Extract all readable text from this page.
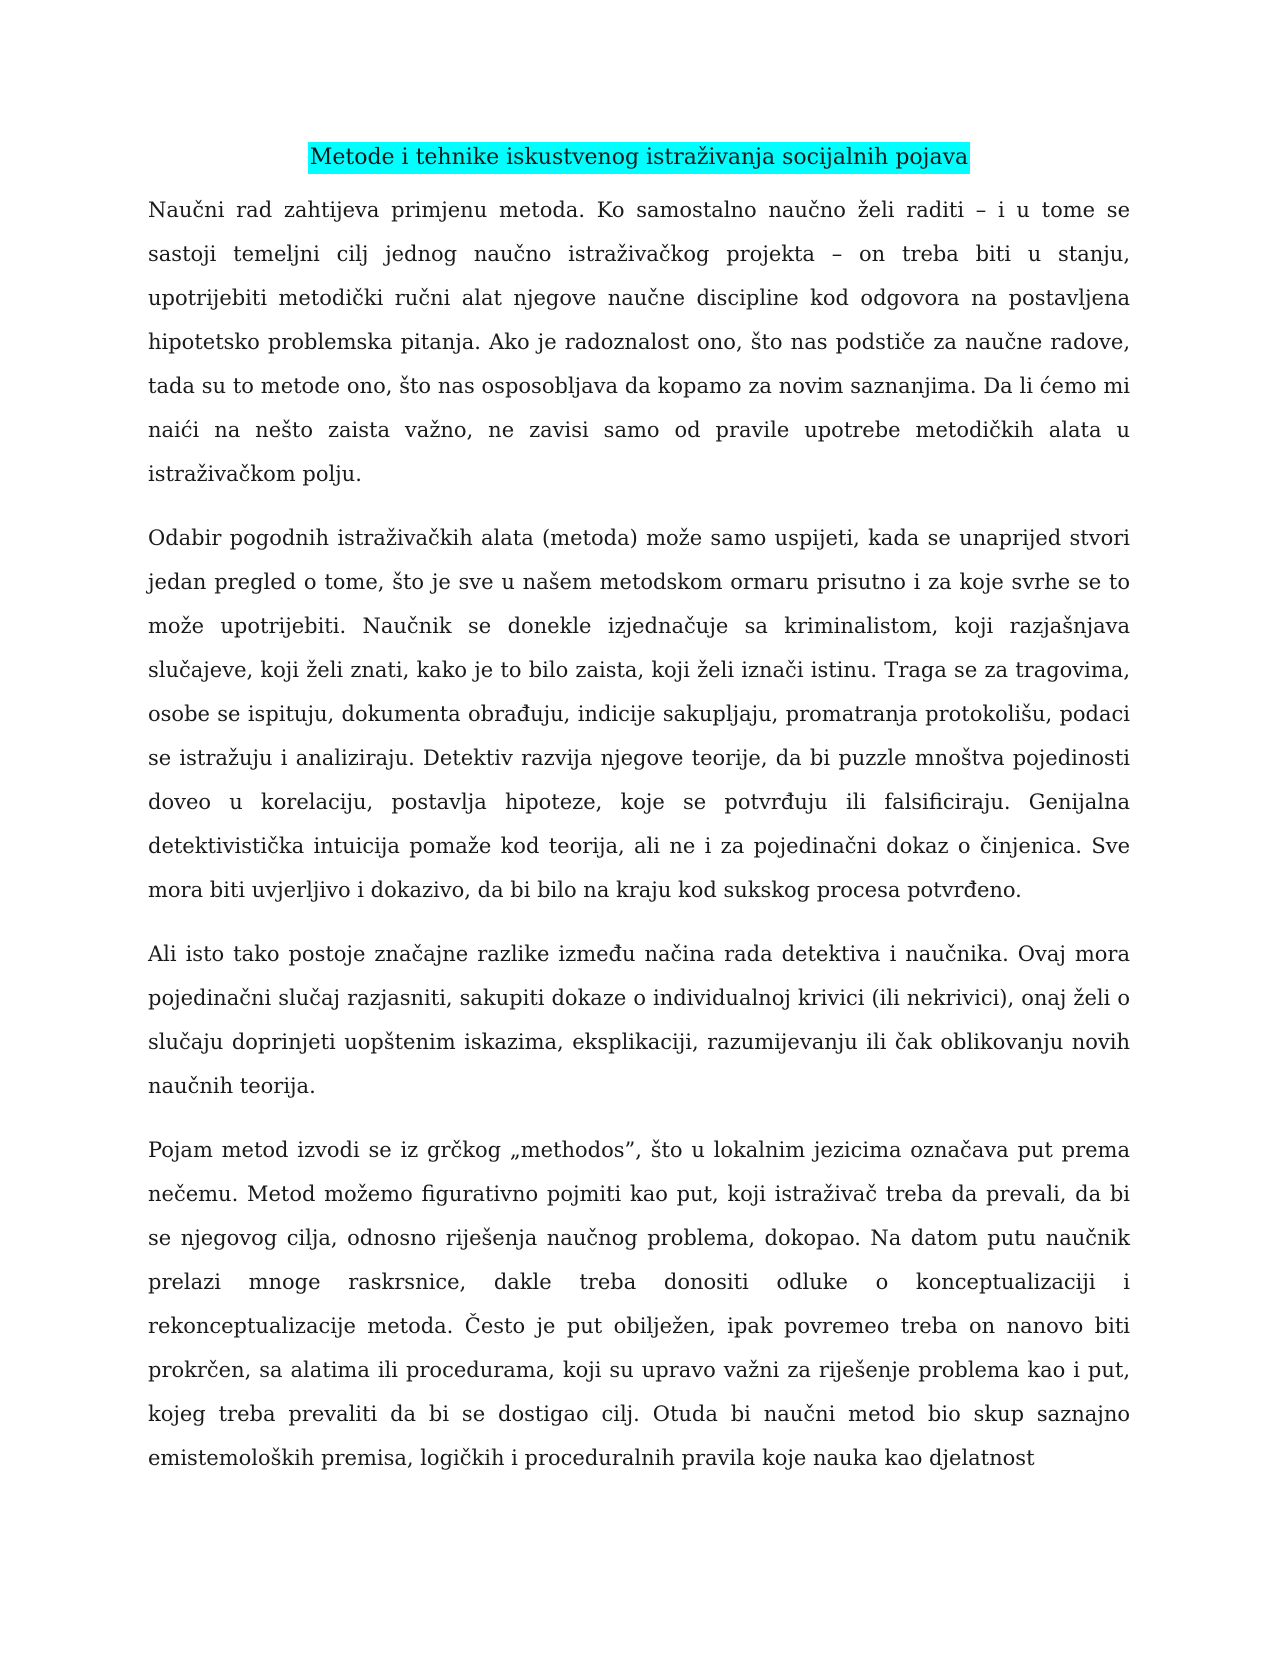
Metode i tehnike iskustvenog istraživanja socijalnih pojava

Naučni rad zahtijeva primjenu metoda. Ko samostalno naučno želi raditi – i u tome se sastoji temeljni cilj jednog naučno istraživačkog projekta – on treba biti u stanju, upotrijebiti metodički ručni alat njegove naučne discipline kod odgovora na postavljena hipotetsko problemska pitanja. Ako je radoznalost ono, što nas podstiče za naučne radove, tada su to metode ono, što nas osposobljava da kopamo za novim saznanjima. Da li ćemo mi naići na nešto zaista važno, ne zavisi samo od pravile upotrebe metodičkih alata u istraživačkom polju.

Odabir pogodnih istraživačkih alata (metoda) može samo uspijeti, kada se unaprijed stvori jedan pregled o tome, što je sve u našem metodskom ormaru prisutno i za koje svrhe se to može upotrijebiti. Naučnik se donekle izjednačuje sa kriminalistom, koji razjašnjava slučajeve, koji želi znati, kako je to bilo zaista, koji želi iznači istinu. Traga se za tragovima, osobe se ispituju, dokumenta obrađuju, indicije sakupljaju, promatranja protokolišu, podaci se istražuju i analiziraju. Detektiv razvija njegove teorije, da bi puzzle mnoštva pojedinosti doveo u korelaciju, postavlja hipoteze, koje se potvrđuju ili falsificiraju. Genijalna detektivistička intuicija pomaže kod teorija, ali ne i za pojedinačni dokaz o činjenica. Sve mora biti uvjerljivo i dokazivo, da bi bilo na kraju kod sukskog procesa potvrđeno.

Ali isto tako postoje značajne razlike između načina rada detektiva i naučnika. Ovaj mora pojedinačni slučaj razjasniti, sakupiti dokaze o individualnoj krivici (ili nekrivici), onaj želi o slučaju doprinjeti uopštenim iskazima, eksplikaciji, razumijevanju ili čak oblikovanju novih naučnih teorija.

Pojam metod izvodi se iz grčkog „methodos”, što u lokalnim jezicima označava put prema nečemu. Metod možemo figurativno pojmiti kao put, koji istraživač treba da prevali, da bi se njegovog cilja, odnosno riješenja naučnog problema, dokopao. Na datom putu naučnik prelazi mnoge raskrsnice, dakle treba donositi odluke o konceptualizaciji i rekonceptualizacije metoda. Često je put obilježen, ipak povremeo treba on nanovo biti prokrčen, sa alatima ili procedurama, koji su upravo važni za riješenje problema kao i put, kojeg treba prevaliti da bi se dostigao cilj. Otuda bi naučni metod bio skup saznajno emistemoloških premisa, logičkih i proceduralnih pravila koje nauka kao djelatnost
